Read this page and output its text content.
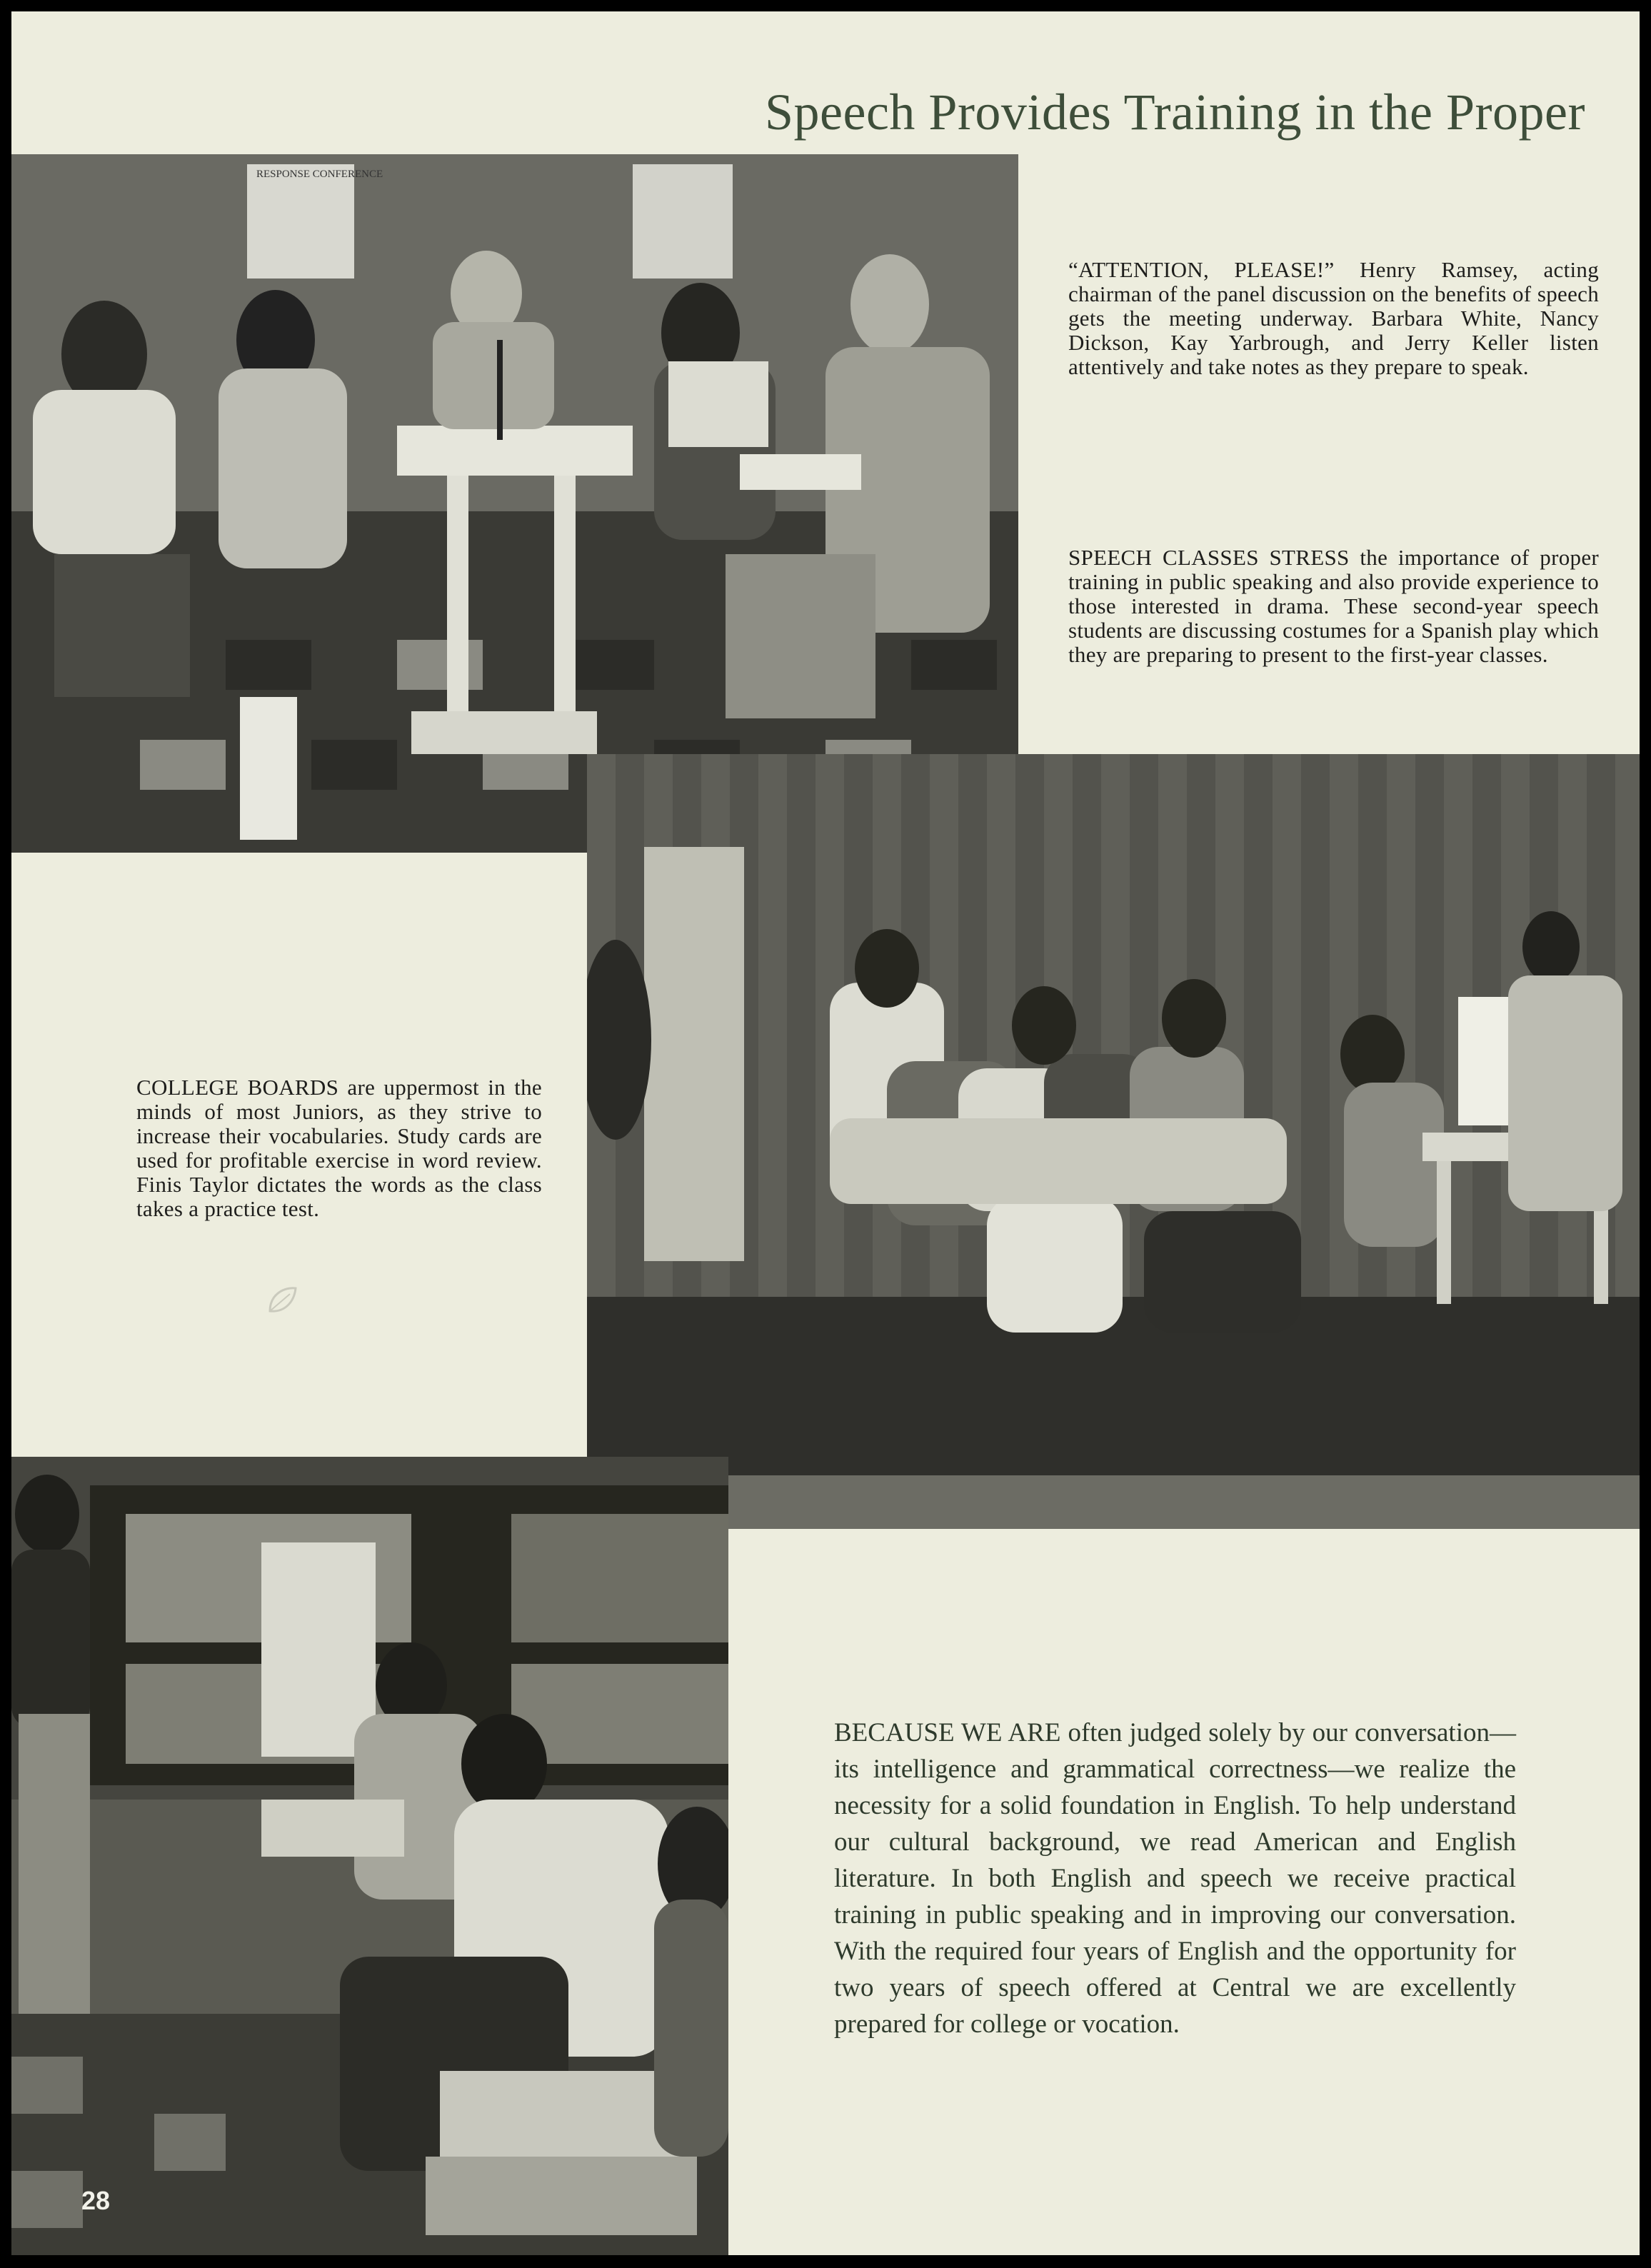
Speech Provides Training in the Proper
RESPONSE CONFERENCE

“ATTENTION, PLEASE!” Henry Ramsey, acting chairman of the panel discussion on the benefits of speech gets the meeting underway. Barbara White, Nancy Dickson, Kay Yarbrough, and Jerry Keller listen attentively and take notes as they prepare to speak.

SPEECH CLASSES STRESS the importance of proper training in public speaking and also provide experience to those interested in drama. These second-year speech students are discussing costumes for a Spanish play which they are preparing to present to the first-year classes.

COLLEGE BOARDS are uppermost in the minds of most Juniors, as they strive to increase their vocabularies. Study cards are used for profitable exercise in word review. Finis Taylor dictates the words as the class takes a practice test.

28

BECAUSE WE ARE often judged solely by our conversation—its intelligence and grammatical correctness—we realize the necessity for a solid foundation in English. To help understand our cultural background, we read American and English literature. In both English and speech we receive practical training in public speaking and in improving our conversation. With the required four years of English and the opportunity for two years of speech offered at Central we are excellently prepared for college or vocation.
